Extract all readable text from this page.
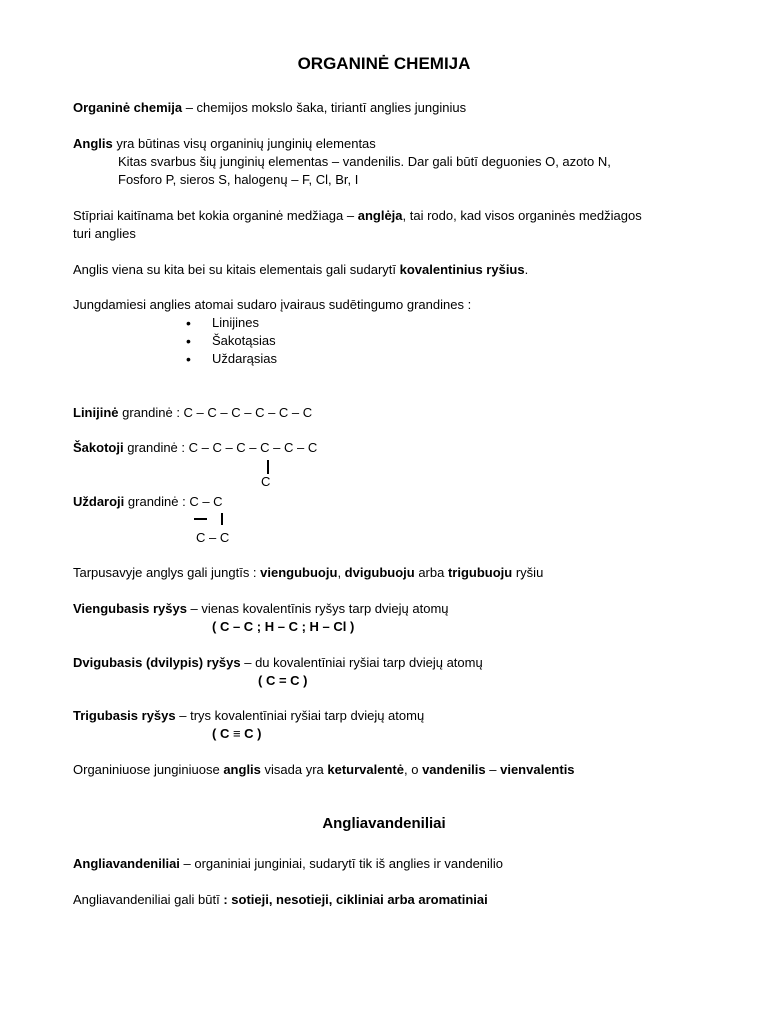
ORGANINĖ CHEMIJA
Organinė chemija – chemijos mokslo šaka, tiriantī anglies junginius
Anglis yra būtinas visų organinių junginių elementas
Kitas svarbus šių junginių elementas – vandenilis. Dar gali būtī deguonies O, azoto N,
Fosforo P, sieros S, halogenų – F, Cl, Br, I
Stīpriai kaitīnama bet kokia organinė medžiaga – anglėja, tai rodo, kad visos organinės medžiagos
turi anglies
Anglis viena su kita bei su kitais elementais gali sudarytī kovalentinius ryšius.
Jungdamiesi anglies atomai sudaro įvairaus sudētingumo grandines :
• Linijines
• Šakotąsias
• Uždarąsias
Linijinė grandinė : C – C – C – C – C – C
Šakotoji grandinė : C – C – C – C – C – C
C
Uždaroji grandinė : C – C
C – C
Tarpusavyje anglys gali jungtīs : viengubuoju, dvigubuoju arba trigubuoju ryšiu
Viengubasis ryšys – vienas kovalentīnis ryšys tarp dviejų atomų
( C – C ; H – C ; H – Cl )
Dvigubasis (dvilypis) ryšys – du kovalentīniai ryšiai tarp dviejų atomų
( C = C )
Trigubasis ryšys – trys kovalentīniai ryšiai tarp dviejų atomų
( C ≡ C )
Organiniuose junginiuose anglis visada yra keturvalentė, o vandenilis – vienvalentis
Angliavandeniliai
Angliavandeniliai – organiniai junginiai, sudarytī tik iš anglies ir vandenilio
Angliavandeniliai gali būtī : sotieji, nesotieji, cikliniai arba aromatiniai
